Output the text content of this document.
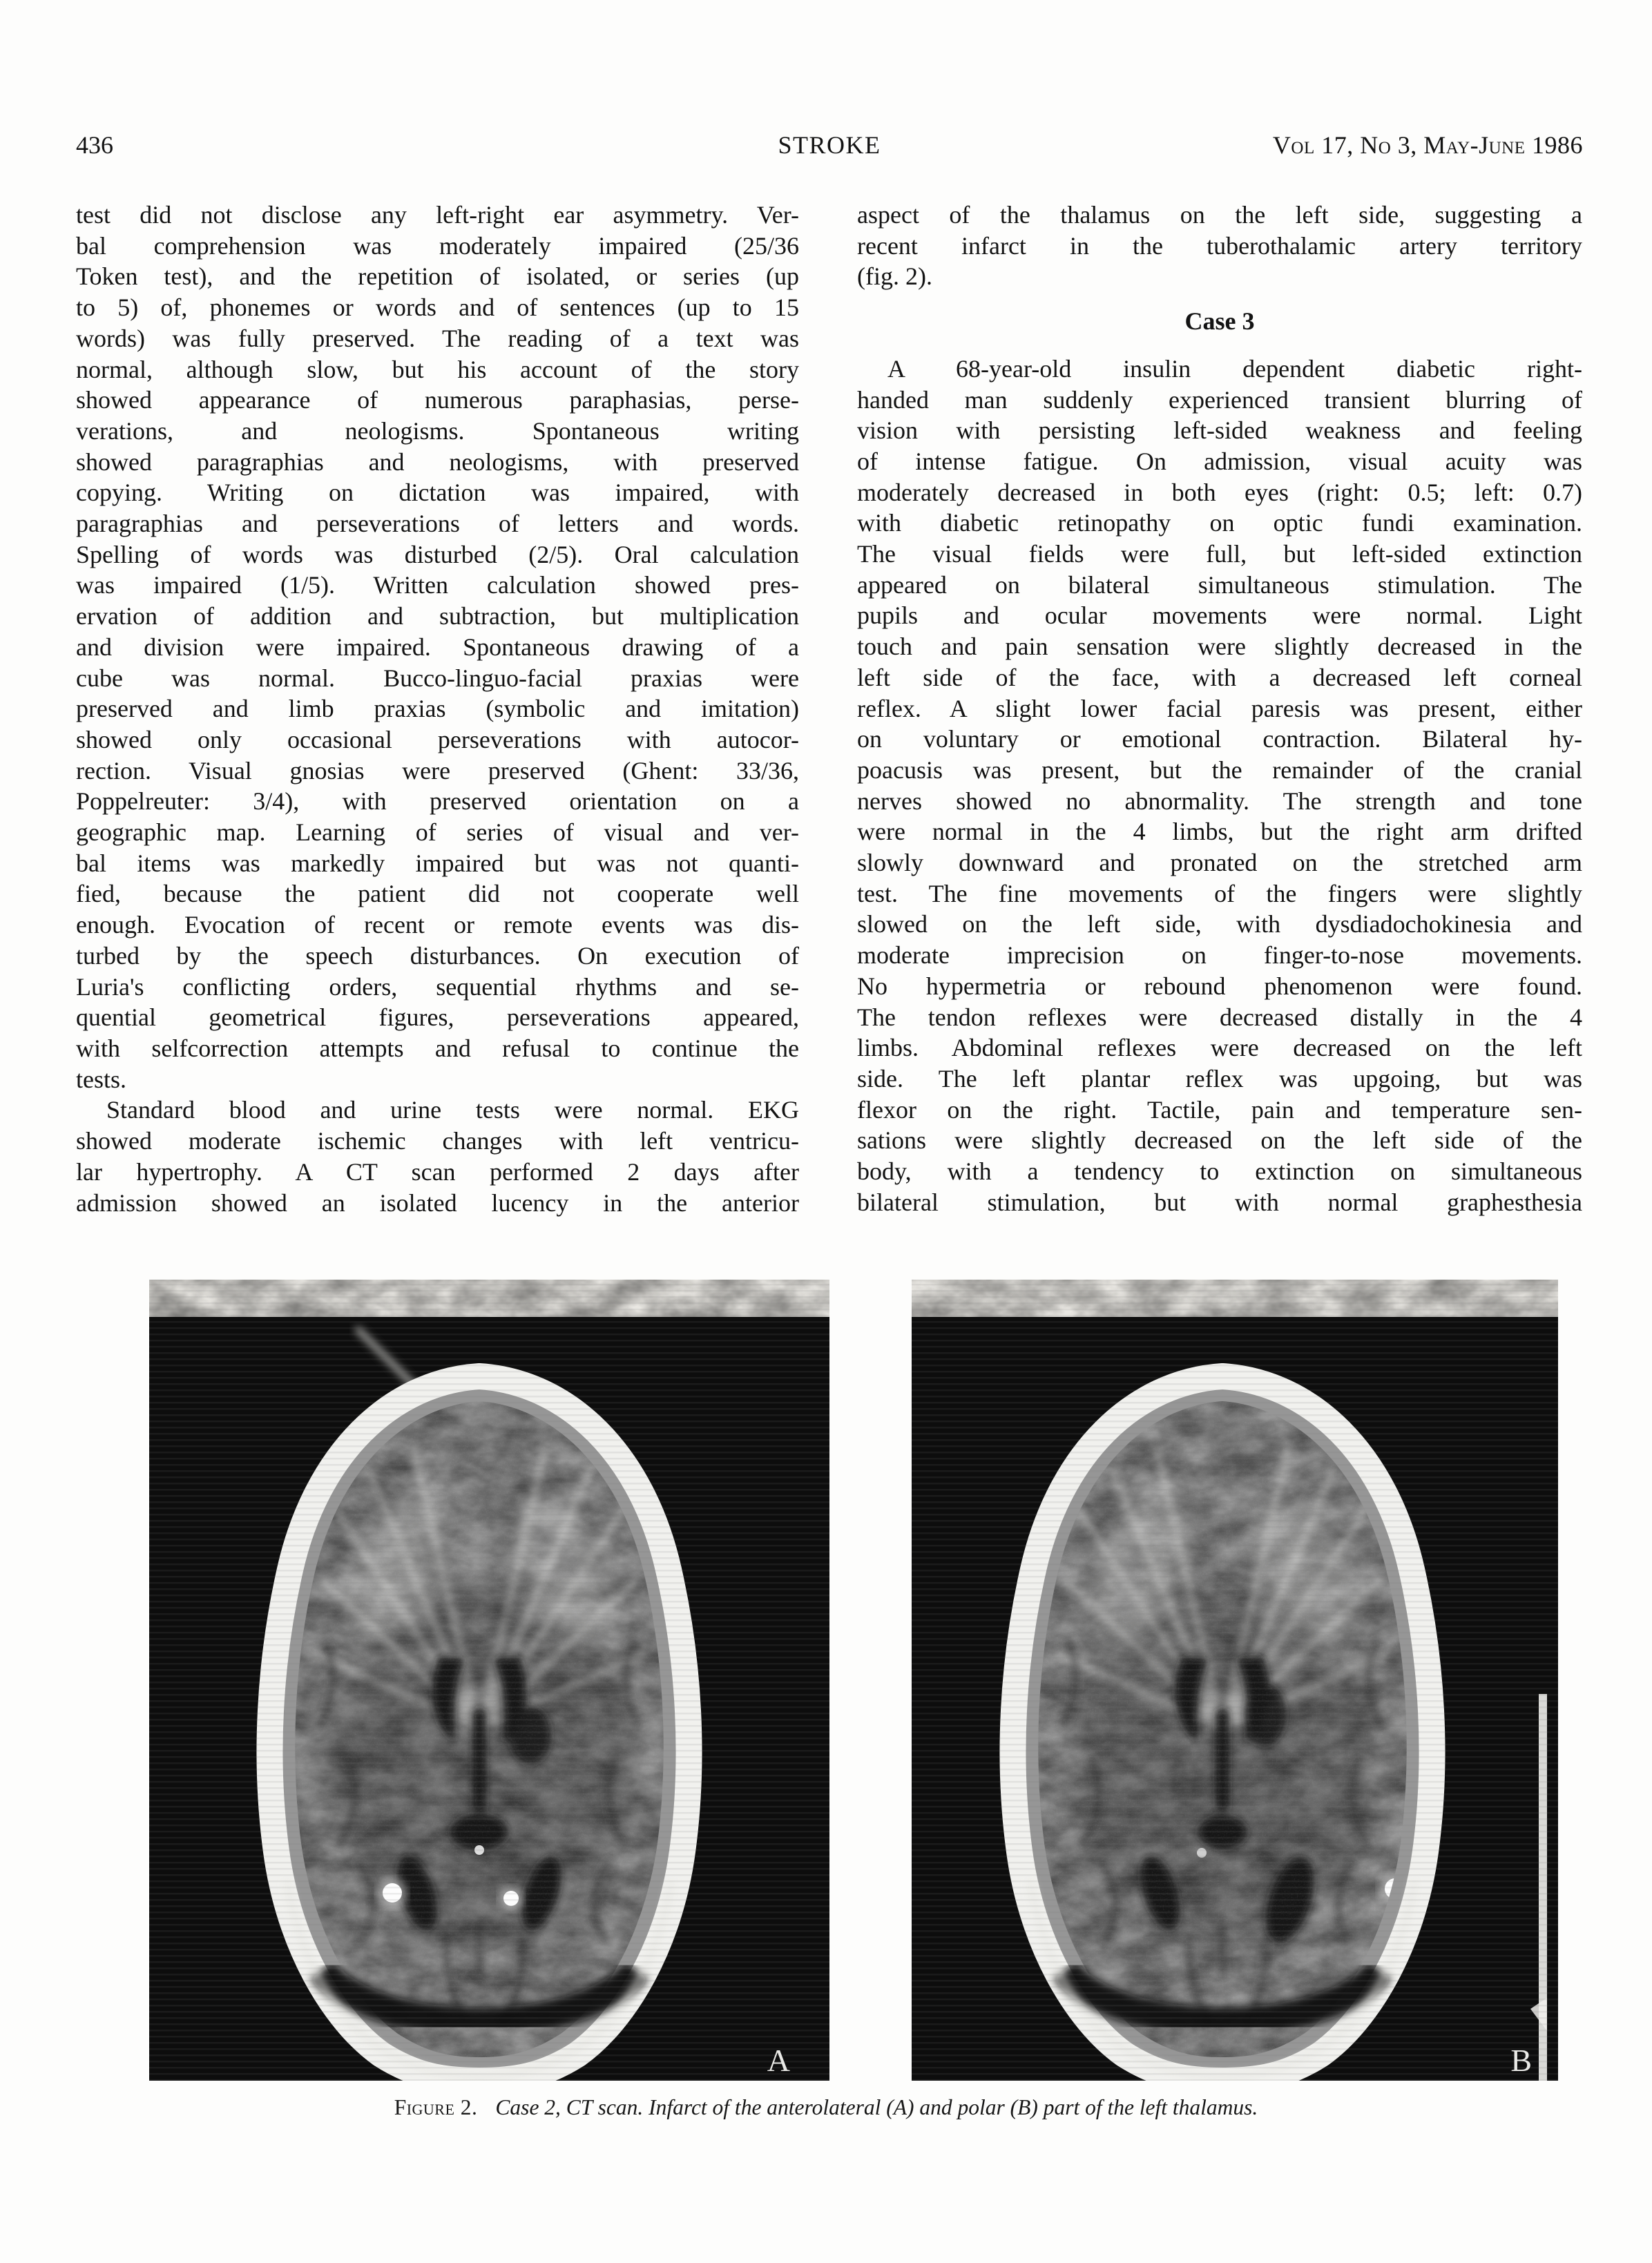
436	STROKE	Vol 17, No 3, May-June 1986
test did not disclose any left-right ear asymmetry. Ver-
bal comprehension was moderately impaired (25/36
Token test), and the repetition of isolated, or series (up
to 5) of, phonemes or words and of sentences (up to 15
words) was fully preserved. The reading of a text was
normal, although slow, but his account of the story
showed appearance of numerous paraphasias, perse-
verations, and neologisms. Spontaneous writing
showed paragraphias and neologisms, with preserved
copying. Writing on dictation was impaired, with
paragraphias and perseverations of letters and words.
Spelling of words was disturbed (2/5). Oral calculation
was impaired (1/5). Written calculation showed pres-
ervation of addition and subtraction, but multiplication
and division were impaired. Spontaneous drawing of a
cube was normal. Bucco-linguo-facial praxias were
preserved and limb praxias (symbolic and imitation)
showed only occasional perseverations with autocor-
rection. Visual gnosias were preserved (Ghent: 33/36,
Poppelreuter: 3/4), with preserved orientation on a
geographic map. Learning of series of visual and ver-
bal items was markedly impaired but was not quanti-
fied, because the patient did not cooperate well
enough. Evocation of recent or remote events was dis-
turbed by the speech disturbances. On execution of
Luria's conflicting orders, sequential rhythms and se-
quential geometrical figures, perseverations appeared,
with selfcorrection attempts and refusal to continue the
tests.
Standard blood and urine tests were normal. EKG
showed moderate ischemic changes with left ventricu-
lar hypertrophy. A CT scan performed 2 days after
admission showed an isolated lucency in the anterior
aspect of the thalamus on the left side, suggesting a
recent infarct in the tuberothalamic artery territory
(fig. 2).
Case 3
A 68-year-old insulin dependent diabetic right-
handed man suddenly experienced transient blurring of
vision with persisting left-sided weakness and feeling
of intense fatigue. On admission, visual acuity was
moderately decreased in both eyes (right: 0.5; left: 0.7)
with diabetic retinopathy on optic fundi examination.
The visual fields were full, but left-sided extinction
appeared on bilateral simultaneous stimulation. The
pupils and ocular movements were normal. Light
touch and pain sensation were slightly decreased in the
left side of the face, with a decreased left corneal
reflex. A slight lower facial paresis was present, either
on voluntary or emotional contraction. Bilateral hy-
poacusis was present, but the remainder of the cranial
nerves showed no abnormality. The strength and tone
were normal in the 4 limbs, but the right arm drifted
slowly downward and pronated on the stretched arm
test. The fine movements of the fingers were slightly
slowed on the left side, with dysdiadochokinesia and
moderate imprecision on finger-to-nose movements.
No hypermetria or rebound phenomenon were found.
The tendon reflexes were decreased distally in the 4
limbs. Abdominal reflexes were decreased on the left
side. The left plantar reflex was upgoing, but was
flexor on the right. Tactile, pain and temperature sen-
sations were slightly decreased on the left side of the
body, with a tendency to extinction on simultaneous
bilateral stimulation, but with normal graphesthesia
A	B
Figure 2. Case 2, CT scan. Infarct of the anterolateral (A) and polar (B) part of the left thalamus.
